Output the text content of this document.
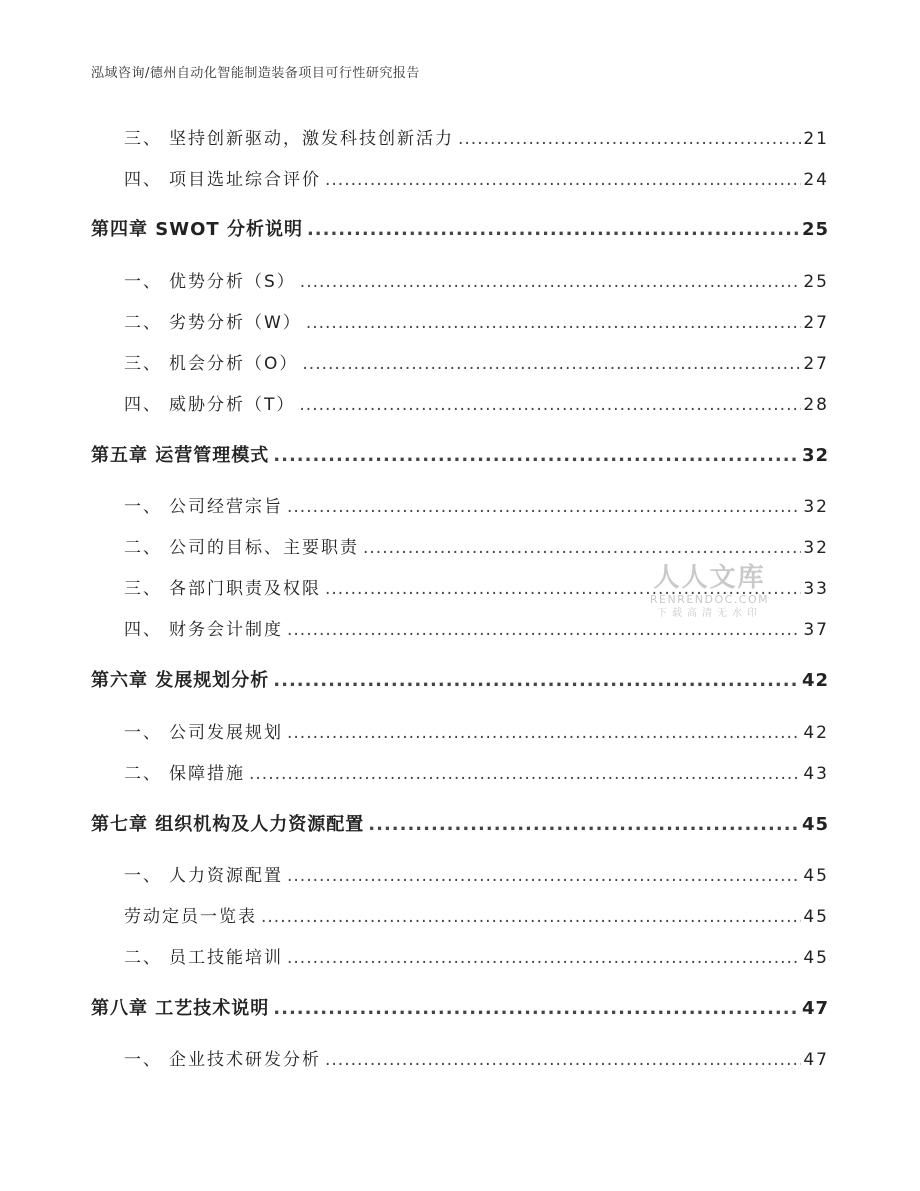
泓域咨询/德州自动化智能制造装备项目可行性研究报告
三、 坚持创新驱动，激发科技创新活力 .....	21
四、 项目选址综合评价 .....	24
第四章 SWOT 分析说明 .....	25
一、 优势分析（S） .....	25
二、 劣势分析（W） .....	27
三、 机会分析（O） .....	27
四、 威胁分析（T） .....	28
第五章 运营管理模式 .....	32
一、 公司经营宗旨 .....	32
二、 公司的目标、主要职责 .....	32
三、 各部门职责及权限 .....	33
四、 财务会计制度 .....	37
第六章 发展规划分析 .....	42
一、 公司发展规划 .....	42
二、 保障措施 .....	43
第七章 组织机构及人力资源配置 .....	45
一、 人力资源配置 .....	45
劳动定员一览表 .....	45
二、 员工技能培训 .....	45
第八章 工艺技术说明 .....	47
一、 企业技术研发分析 .....	47
人人文库
RENRENDOC.COM
下载高清无水印
